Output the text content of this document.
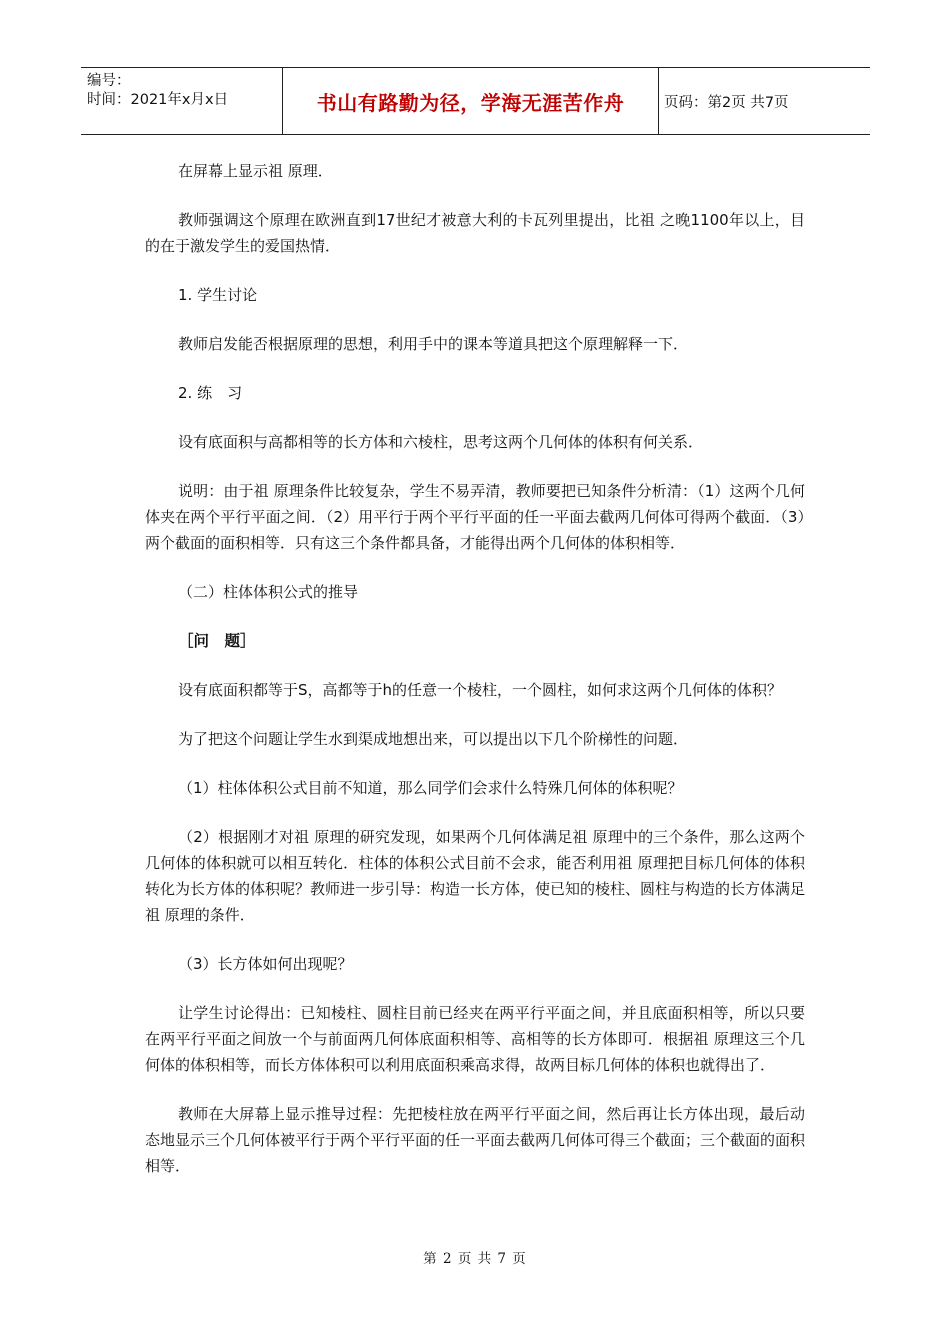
编号：
时间：2021年x月x日	书山有路勤为径，学海无涯苦作舟	页码：第2页 共7页

在屏幕上显示祖 原理．

教师强调这个原理在欧洲直到17世纪才被意大利的卡瓦列里提出，比祖 之晚1100年以上，目的在于激发学生的爱国热情．

1. 学生讨论

教师启发能否根据原理的思想，利用手中的课本等道具把这个原理解释一下．

2. 练　习

设有底面积与高都相等的长方体和六棱柱，思考这两个几何体的体积有何关系．

说明：由于祖 原理条件比较复杂，学生不易弄清，教师要把已知条件分析清：（1）这两个几何体夹在两个平行平面之间．（2）用平行于两个平行平面的任一平面去截两几何体可得两个截面．（3）两个截面的面积相等．只有这三个条件都具备，才能得出两个几何体的体积相等．

（二）柱体体积公式的推导

［问　题］

设有底面积都等于S，高都等于h的任意一个棱柱，一个圆柱，如何求这两个几何体的体积？

为了把这个问题让学生水到渠成地想出来，可以提出以下几个阶梯性的问题．

（1）柱体体积公式目前不知道，那么同学们会求什么特殊几何体的体积呢？

（2）根据刚才对祖 原理的研究发现，如果两个几何体满足祖 原理中的三个条件，那么这两个几何体的体积就可以相互转化．柱体的体积公式目前不会求，能否利用祖 原理把目标几何体的体积转化为长方体的体积呢？教师进一步引导：构造一长方体，使已知的棱柱、圆柱与构造的长方体满足祖 原理的条件．

（3）长方体如何出现呢？

让学生讨论得出：已知棱柱、圆柱目前已经夹在两平行平面之间，并且底面积相等，所以只要在两平行平面之间放一个与前面两几何体底面积相等、高相等的长方体即可．根据祖 原理这三个几何体的体积相等，而长方体体积可以利用底面积乘高求得，故两目标几何体的体积也就得出了．

教师在大屏幕上显示推导过程：先把棱柱放在两平行平面之间，然后再让长方体出现，最后动态地显示三个几何体被平行于两个平行平面的任一平面去截两几何体可得三个截面；三个截面的面积相等．

第 2 页 共 7 页
